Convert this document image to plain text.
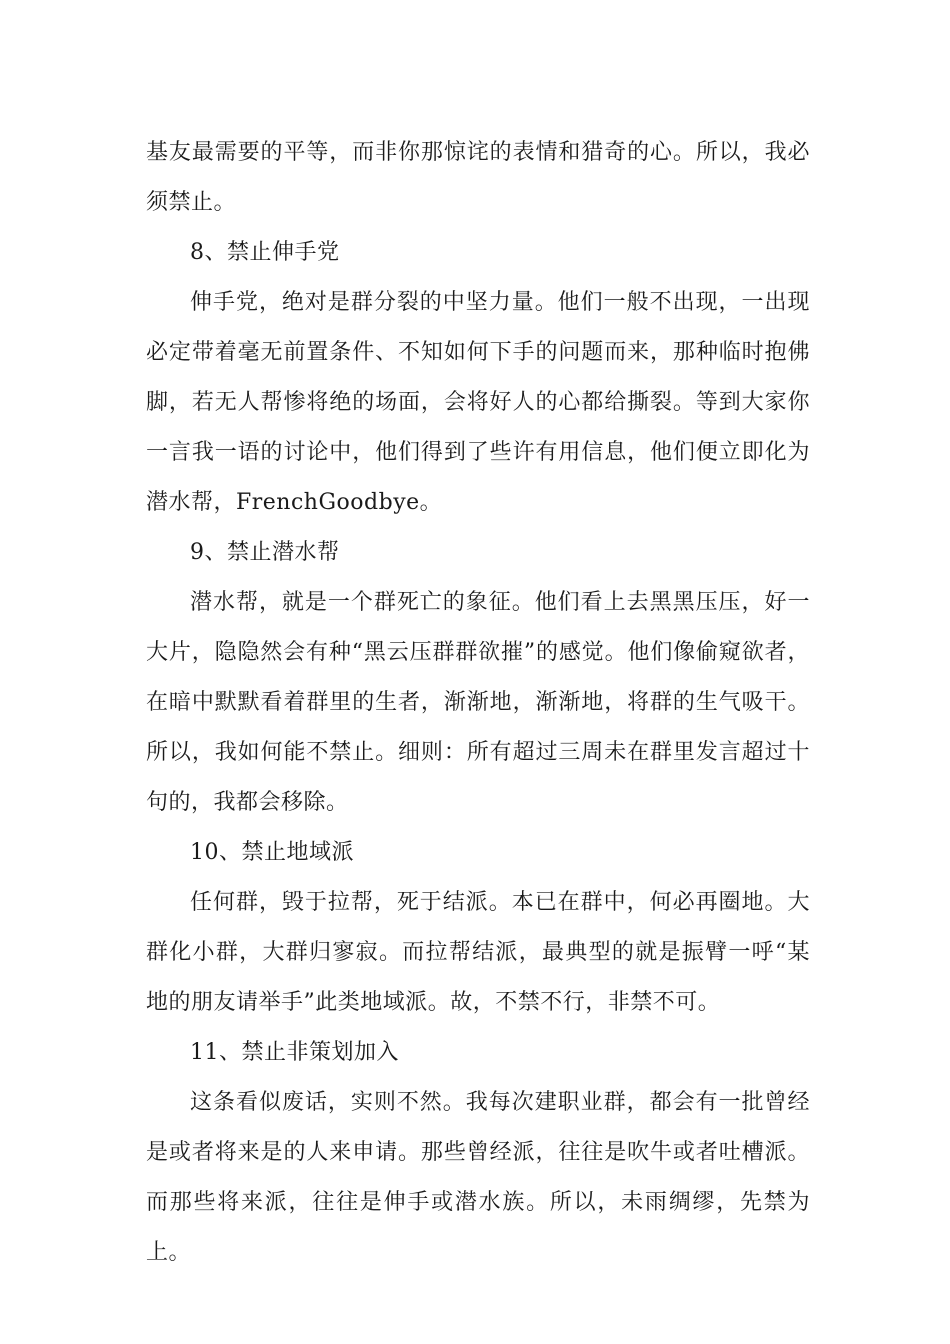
基友最需要的平等，而非你那惊诧的表情和猎奇的心。所以，我必须禁止。

8、禁止伸手党

伸手党，绝对是群分裂的中坚力量。他们一般不出现，一出现必定带着毫无前置条件、不知如何下手的问题而来，那种临时抱佛脚，若无人帮惨将绝的场面，会将好人的心都给撕裂。等到大家你一言我一语的讨论中，他们得到了些许有用信息，他们便立即化为潜水帮，FrenchGoodbye。

9、禁止潜水帮

潜水帮，就是一个群死亡的象征。他们看上去黑黑压压，好一大片，隐隐然会有种“黑云压群群欲摧”的感觉。他们像偷窥欲者，在暗中默默看着群里的生者，渐渐地，渐渐地，将群的生气吸干。所以，我如何能不禁止。细则：所有超过三周未在群里发言超过十句的，我都会移除。

10、禁止地域派

任何群，毁于拉帮，死于结派。本已在群中，何必再圈地。大群化小群，大群归寥寂。而拉帮结派，最典型的就是振臂一呼“某地的朋友请举手”此类地域派。故，不禁不行，非禁不可。

11、禁止非策划加入

这条看似废话，实则不然。我每次建职业群，都会有一批曾经是或者将来是的人来申请。那些曾经派，往往是吹牛或者吐槽派。而那些将来派，往往是伸手或潜水族。所以，未雨绸缪，先禁为上。
